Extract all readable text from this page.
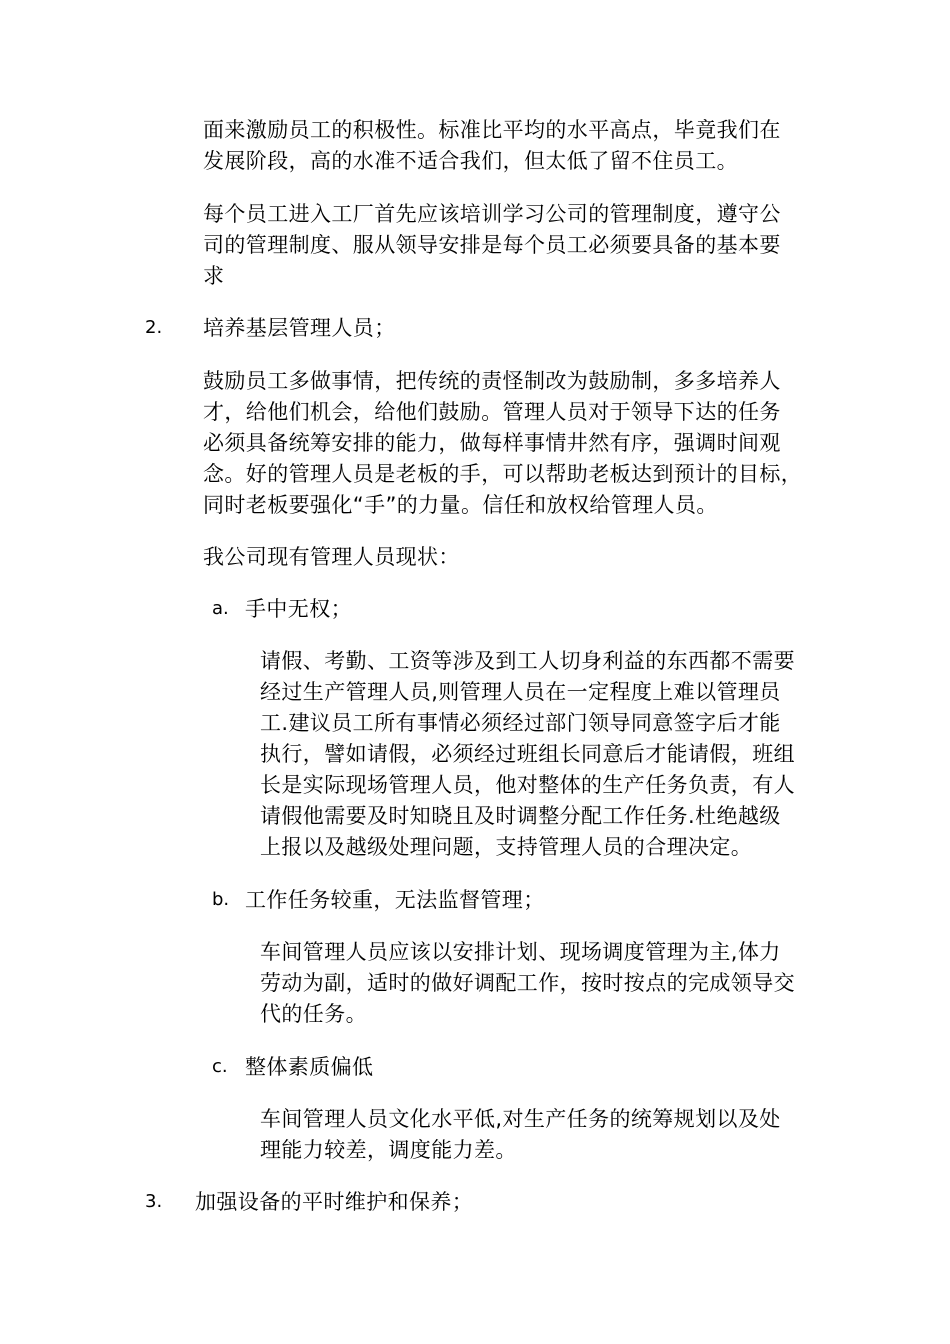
面来激励员工的积极性。标准比平均的水平高点，毕竟我们在
发展阶段，高的水准不适合我们，但太低了留不住员工。
每个员工进入工厂首先应该培训学习公司的管理制度，遵守公
司的管理制度、服从领导安排是每个员工必须要具备的基本要
求
2. 培养基层管理人员；
鼓励员工多做事情，把传统的责怪制改为鼓励制，多多培养人
才，给他们机会，给他们鼓励。管理人员对于领导下达的任务
必须具备统筹安排的能力，做每样事情井然有序，强调时间观
念。好的管理人员是老板的手，可以帮助老板达到预计的目标，
同时老板要强化“手”的力量。信任和放权给管理人员。
我公司现有管理人员现状：
a. 手中无权；
请假、考勤、工资等涉及到工人切身利益的东西都不需要
经过生产管理人员,则管理人员在一定程度上难以管理员
工.建议员工所有事情必须经过部门领导同意签字后才能
执行，譬如请假，必须经过班组长同意后才能请假，班组
长是实际现场管理人员，他对整体的生产任务负责，有人
请假他需要及时知晓且及时调整分配工作任务.杜绝越级
上报以及越级处理问题，支持管理人员的合理决定。
b. 工作任务较重，无法监督管理；
车间管理人员应该以安排计划、现场调度管理为主,体力
劳动为副，适时的做好调配工作，按时按点的完成领导交
代的任务。
c. 整体素质偏低
车间管理人员文化水平低,对生产任务的统筹规划以及处
理能力较差，调度能力差。
3. 加强设备的平时维护和保养；
